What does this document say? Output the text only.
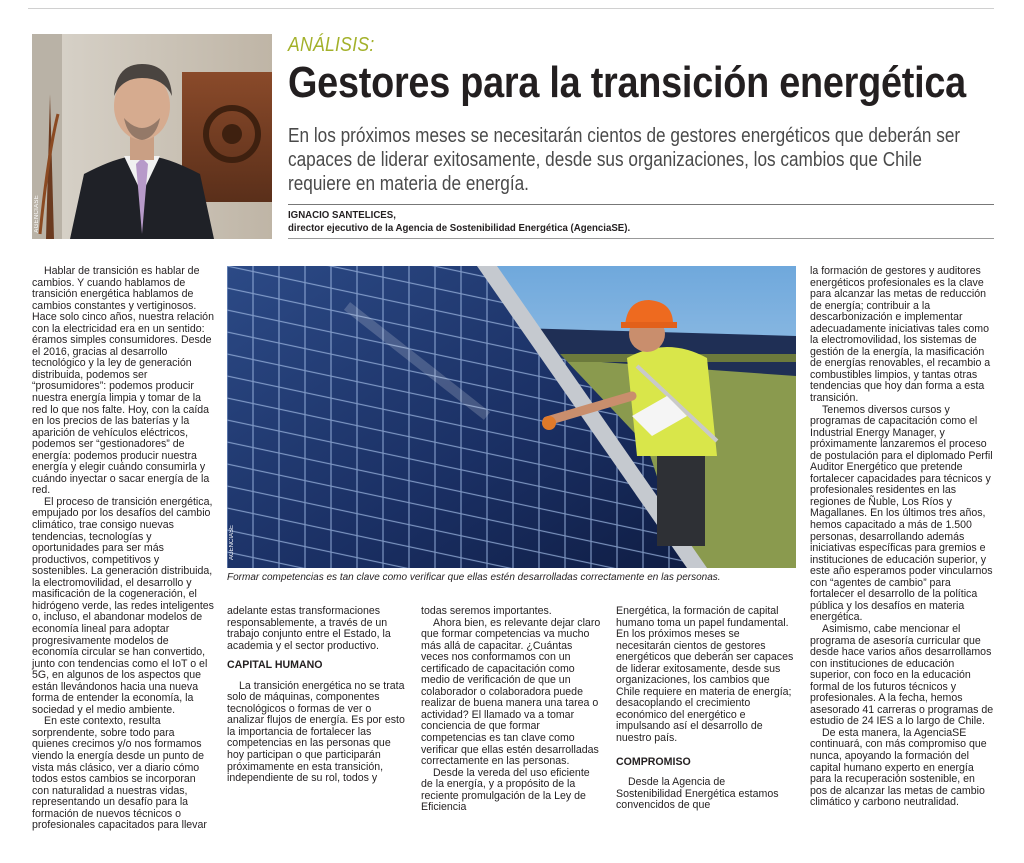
AGENCIASE
ANÁLISIS:
Gestores para la transición energética

En los próximos meses se necesitarán cientos de gestores energéticos que deberán ser capaces de liderar exitosamente, desde sus organizaciones, los cambios que Chile requiere en materia de energía.

IGNACIO SANTELICES,
director ejecutivo de la Agencia de Sostenibilidad Energética (AgenciaSE).

Hablar de transición es hablar de cambios. Y cuando hablamos de transición energética hablamos de cambios constantes y vertiginosos. Hace solo cinco años, nuestra relación con la electricidad era en un sentido: éramos simples consumidores. Desde el 2016, gracias al desarrollo tecnológico y la ley de generación distribuida, podemos ser “prosumidores”: podemos producir nuestra energía limpia y tomar de la red lo que nos falte. Hoy, con la caída en los precios de las baterías y la aparición de vehículos eléctricos, podemos ser “gestionadores” de energía: podemos producir nuestra energía y elegir cuándo consumirla y cuándo inyectar o sacar energía de la red.

El proceso de transición energética, empujado por los desafíos del cambio climático, trae consigo nuevas tendencias, tecnologías y oportunidades para ser más productivos, competitivos y sostenibles. La generación distribuida, la electromovilidad, el desarrollo y masificación de la cogeneración, el hidrógeno verde, las redes inteligentes o, incluso, el abandonar modelos de economía lineal para adoptar progresivamente modelos de economía circular se han convertido, junto con tendencias como el IoT o el 5G, en algunos de los aspectos que están llevándonos hacia una nueva forma de entender la economía, la sociedad y el medio ambiente.

En este contexto, resulta sorprendente, sobre todo para quienes crecimos y/o nos formamos viendo la energía desde un punto de vista más clásico, ver a diario cómo todos estos cambios se incorporan con naturalidad a nuestras vidas, representando un desafío para la formación de nuevos técnicos o profesionales capacitados para llevar

AGENCIASE
Formar competencias es tan clave como verificar que ellas estén desarrolladas correctamente en las personas.

adelante estas transformaciones responsablemente, a través de un trabajo conjunto entre el Estado, la academia y el sector productivo.

CAPITAL HUMANO

La transición energética no se trata solo de máquinas, componentes tecnológicos o formas de ver o analizar flujos de energía. Es por esto la importancia de fortalecer las competencias en las personas que hoy participan o que participarán próximamente en esta transición, independiente de su rol, todos y

todas seremos importantes.

Ahora bien, es relevante dejar claro que formar competencias va mucho más allá de capacitar. ¿Cuántas veces nos conformamos con un certificado de capacitación como medio de verificación de que un colaborador o colaboradora puede realizar de buena manera una tarea o actividad? El llamado va a tomar conciencia de que formar competencias es tan clave como verificar que ellas estén desarrolladas correctamente en las personas.

Desde la vereda del uso eficiente de la energía, y a propósito de la reciente promulgación de la Ley de Eficiencia

Energética, la formación de capital humano toma un papel fundamental. En los próximos meses se necesitarán cientos de gestores energéticos que deberán ser capaces de liderar exitosamente, desde sus organizaciones, los cambios que Chile requiere en materia de energía; desacoplando el crecimiento económico del energético e impulsando así el desarrollo de nuestro país.

COMPROMISO

Desde la Agencia de Sostenibilidad Energética estamos convencidos de que

la formación de gestores y auditores energéticos profesionales es la clave para alcanzar las metas de reducción de energía; contribuir a la descarbonización e implementar adecuadamente iniciativas tales como la electromovilidad, los sistemas de gestión de la energía, la masificación de energías renovables, el recambio a combustibles limpios, y tantas otras tendencias que hoy dan forma a esta transición.

Tenemos diversos cursos y programas de capacitación como el Industrial Energy Manager, y próximamente lanzaremos el proceso de postulación para el diplomado Perfil Auditor Energético que pretende fortalecer capacidades para técnicos y profesionales residentes en las regiones de Ñuble, Los Ríos y Magallanes. En los últimos tres años, hemos capacitado a más de 1.500 personas, desarrollando además iniciativas específicas para gremios e instituciones de educación superior, y este año esperamos poder vincularnos con “agentes de cambio” para fortalecer el desarrollo de la política pública y los desafíos en materia energética.

Asimismo, cabe mencionar el programa de asesoría curricular que desde hace varios años desarrollamos con instituciones de educación superior, con foco en la educación formal de los futuros técnicos y profesionales. A la fecha, hemos asesorado 41 carreras o programas de estudio de 24 IES a lo largo de Chile.

De esta manera, la AgenciaSE continuará, con más compromiso que nunca, apoyando la formación del capital humano experto en energía para la recuperación sostenible, en pos de alcanzar las metas de cambio climático y carbono neutralidad.
